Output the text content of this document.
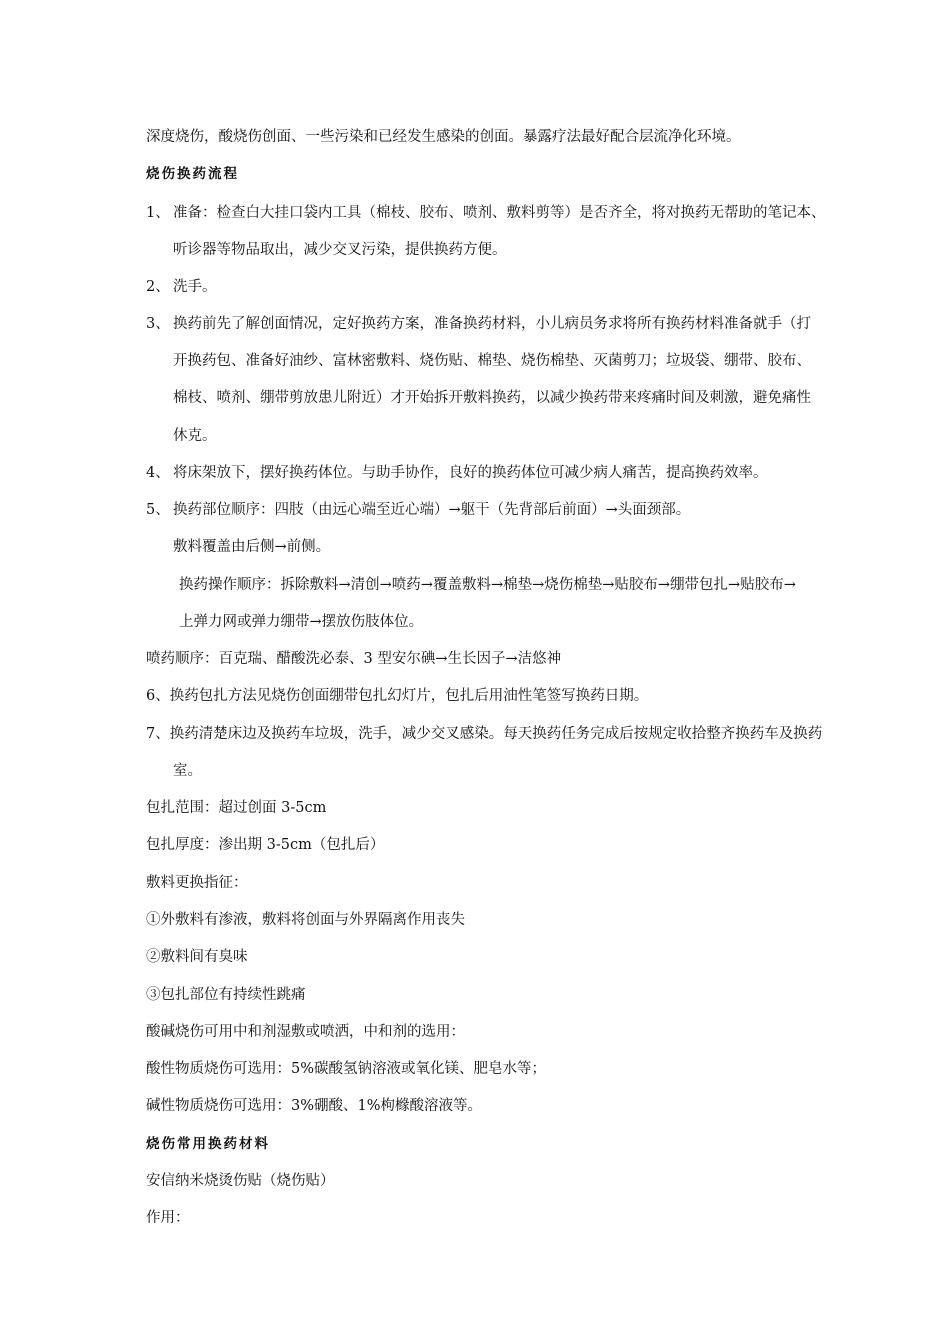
深度烧伤，酸烧伤创面、一些污染和已经发生感染的创面。暴露疗法最好配合层流净化环境。
烧伤换药流程
1、 准备：检查白大挂口袋内工具（棉枝、胶布、喷剂、敷料剪等）是否齐全，将对换药无帮助的笔记本、
听诊器等物品取出，减少交叉污染，提供换药方便。
2、 洗手。
3、 换药前先了解创面情况，定好换药方案，准备换药材料，小儿病员务求将所有换药材料准备就手（打
开换药包、准备好油纱、富林密敷料、烧伤贴、棉垫、烧伤棉垫、灭菌剪刀；垃圾袋、绷带、胶布、
棉枝、喷剂、绷带剪放患儿附近）才开始拆开敷料换药，以减少换药带来疼痛时间及刺激，避免痛性
休克。
4、 将床架放下，摆好换药体位。与助手协作，良好的换药体位可减少病人痛苦，提高换药效率。
5、 换药部位顺序：四肢（由远心端至近心端）→躯干（先背部后前面）→头面颈部。
敷料覆盖由后侧→前侧。
换药操作顺序：拆除敷料→清创→喷药→覆盖敷料→棉垫→烧伤棉垫→贴胶布→绷带包扎→贴胶布→
上弹力网或弹力绷带→摆放伤肢体位。
喷药顺序：百克瑞、醋酸洗必泰、3 型安尔碘→生长因子→洁悠神
6、换药包扎方法见烧伤创面绷带包扎幻灯片，包扎后用油性笔签写换药日期。
7、换药清楚床边及换药车垃圾，洗手，减少交叉感染。每天换药任务完成后按规定收拾整齐换药车及换药
室。
包扎范围：超过创面 3-5cm
包扎厚度：渗出期 3-5cm（包扎后）
敷料更换指征：
①外敷料有渗液，敷料将创面与外界隔离作用丧失
②敷料间有臭味
③包扎部位有持续性跳痛
酸碱烧伤可用中和剂湿敷或喷洒，中和剂的选用：
酸性物质烧伤可选用：5%碳酸氢钠溶液或氧化镁、肥皂水等；
碱性物质烧伤可选用：3%硼酸、1%枸橼酸溶液等。
烧伤常用换药材料
安信纳米烧烫伤贴（烧伤贴）
作用：
